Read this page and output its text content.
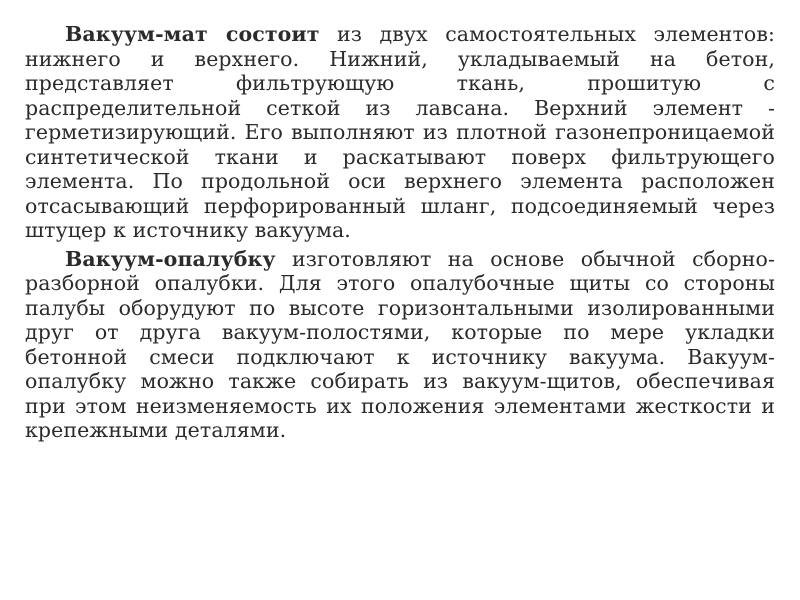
Вакуум-мат состоит из двух самостоятельных элементов: нижнего и верхнего. Нижний, укладываемый на бетон, представляет фильтрующую ткань, прошитую с распределительной сеткой из лавсана. Верхний элемент - герметизирующий. Его выполняют из плотной газонепроницаемой синтетической ткани и раскатывают поверх фильтрующего элемента. По продольной оси верхнего элемента расположен отсасывающий перфорированный шланг, подсоединяемый через штуцер к источнику вакуума.

Вакуум-опалубку изготовляют на основе обычной сборно-разборной опалубки. Для этого опалубочные щиты со стороны палубы оборудуют по высоте горизонтальными изолированными друг от друга вакуум-полостями, которые по мере укладки бетонной смеси подключают к источнику вакуума. Вакуум-опалубку можно также собирать из вакуум-щитов, обеспечивая при этом неизменяемость их положения элементами жесткости и крепежными деталями.
